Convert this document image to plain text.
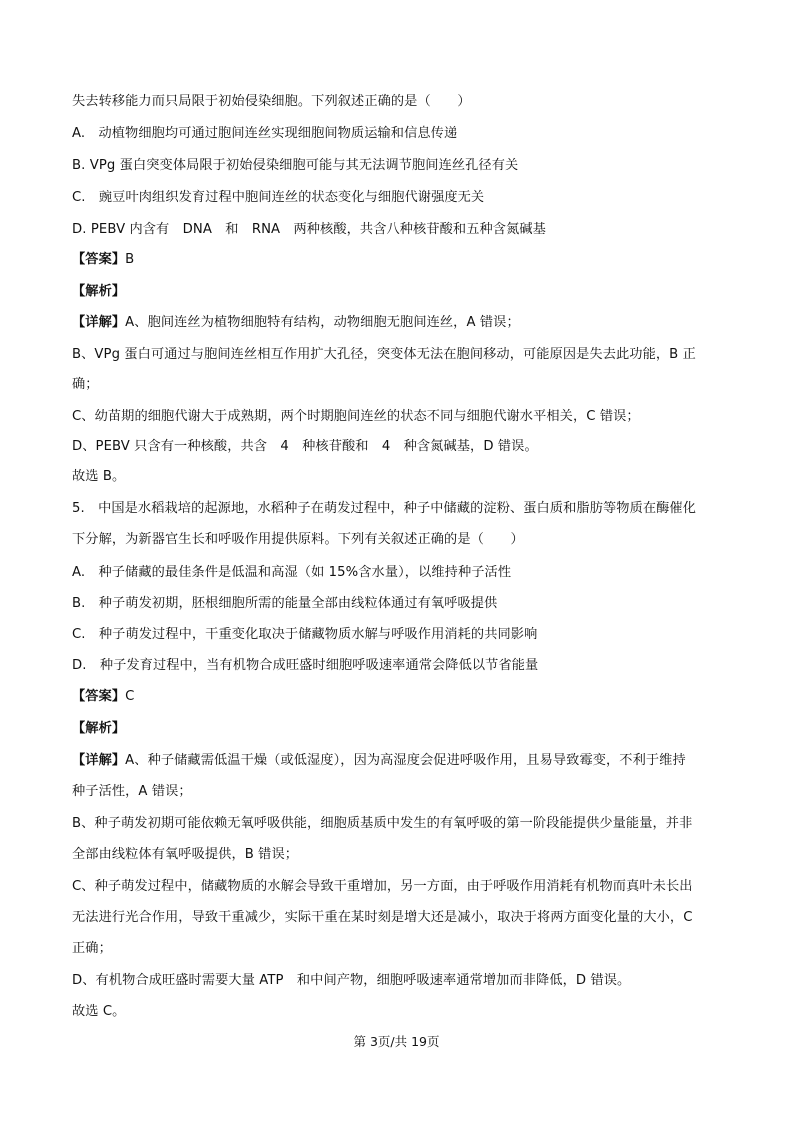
失去转移能力而只局限于初始侵染细胞。下列叙述正确的是（　　）
A.　动植物细胞均可通过胞间连丝实现细胞间物质运输和信息传递
B. VPg 蛋白突变体局限于初始侵染细胞可能与其无法调节胞间连丝孔径有关
C.　豌豆叶肉组织发育过程中胞间连丝的状态变化与细胞代谢强度无关
D. PEBV 内含有　DNA　和　RNA　两种核酸，共含八种核苷酸和五种含氮碱基
【答案】B
【解析】
【详解】A、胞间连丝为植物细胞特有结构，动物细胞无胞间连丝，A 错误；
B、VPg 蛋白可通过与胞间连丝相互作用扩大孔径，突变体无法在胞间移动，可能原因是失去此功能，B 正
确；
C、幼苗期的细胞代谢大于成熟期，两个时期胞间连丝的状态不同与细胞代谢水平相关，C 错误；
D、PEBV 只含有一种核酸，共含　4　种核苷酸和　4　种含氮碱基，D 错误。
故选 B。
5.　中国是水稻栽培的起源地，水稻种子在萌发过程中，种子中储藏的淀粉、蛋白质和脂肪等物质在酶催化
下分解，为新器官生长和呼吸作用提供原料。下列有关叙述正确的是（　　）
A.　种子储藏的最佳条件是低温和高湿（如 15%含水量），以维持种子活性
B.　种子萌发初期，胚根细胞所需的能量全部由线粒体通过有氧呼吸提供
C.　种子萌发过程中，干重变化取决于储藏物质水解与呼吸作用消耗的共同影响
D.　种子发育过程中，当有机物合成旺盛时细胞呼吸速率通常会降低以节省能量
【答案】C
【解析】
【详解】A、种子储藏需低温干燥（或低湿度），因为高湿度会促进呼吸作用，且易导致霉变，不利于维持
种子活性，A 错误；
B、种子萌发初期可能依赖无氧呼吸供能，细胞质基质中发生的有氧呼吸的第一阶段能提供少量能量，并非
全部由线粒体有氧呼吸提供，B 错误；
C、种子萌发过程中，储藏物质的水解会导致干重增加，另一方面，由于呼吸作用消耗有机物而真叶未长出
无法进行光合作用，导致干重减少，实际干重在某时刻是增大还是减小，取决于将两方面变化量的大小，C
正确；
D、有机物合成旺盛时需要大量 ATP　和中间产物，细胞呼吸速率通常增加而非降低，D 错误。
故选 C。
第 3页/共 19页
